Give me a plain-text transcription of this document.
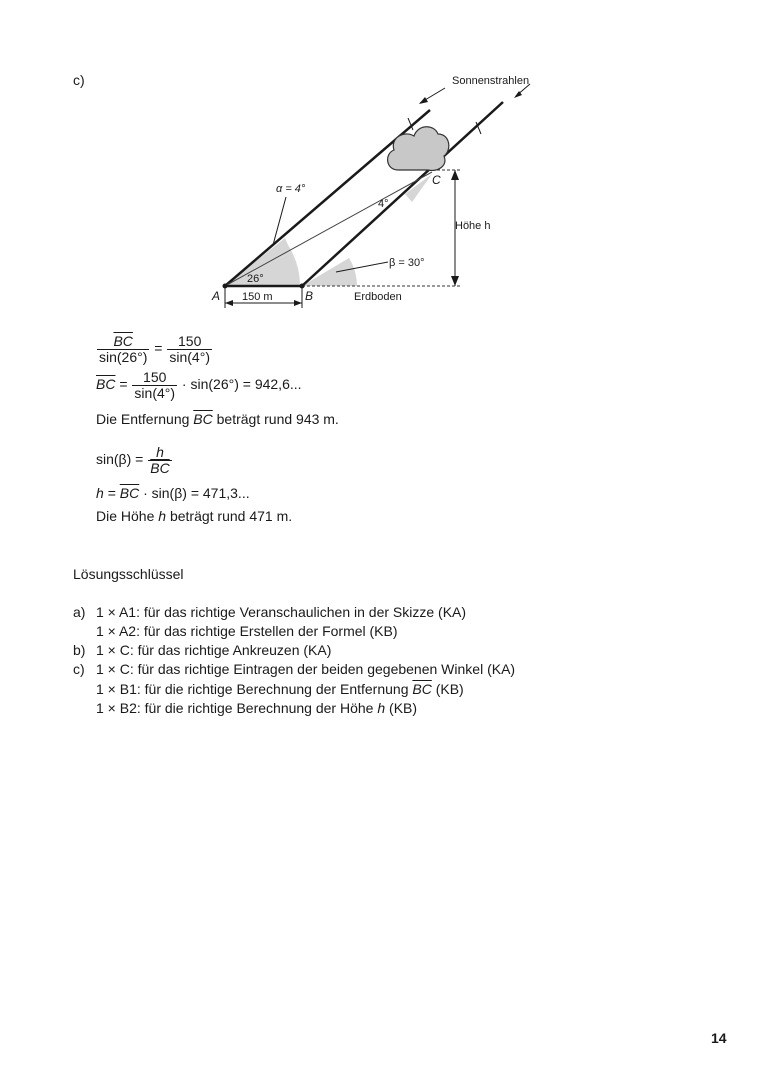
c)	Sonnenstrahlen
α = 4°
4°
β = 30°
26°
A	B
C
Höhe h
150 m	Erdboden
$\frac{\overline{BC}}{\sin(26^\circ)} = \frac{150}{\sin(4^\circ)}$
$\overline{BC} = \frac{150}{\sin(4^\circ)} \cdot \sin(26^\circ) = 942,6$...
Die Entfernung $\overline{BC}$ beträgt rund 943 m.
$\sin(\beta) = \frac{h}{BC}$
$h = \overline{BC} \cdot \sin(\beta) = 471,3$...
Die Höhe h beträgt rund 471 m.
Lösungsschlüssel
a) 1 × A1: für das richtige Veranschaulichen in der Skizze (KA)
1 × A2: für das richtige Erstellen der Formel (KB)
b) 1 × C: für das richtige Ankreuzen (KA)
c) 1 × C: für das richtige Eintragen der beiden gegebenen Winkel (KA)
1 × B1: für die richtige Berechnung der Entfernung $\overline{BC}$ (KB)
1 × B2: für die richtige Berechnung der Höhe h (KB)
14
